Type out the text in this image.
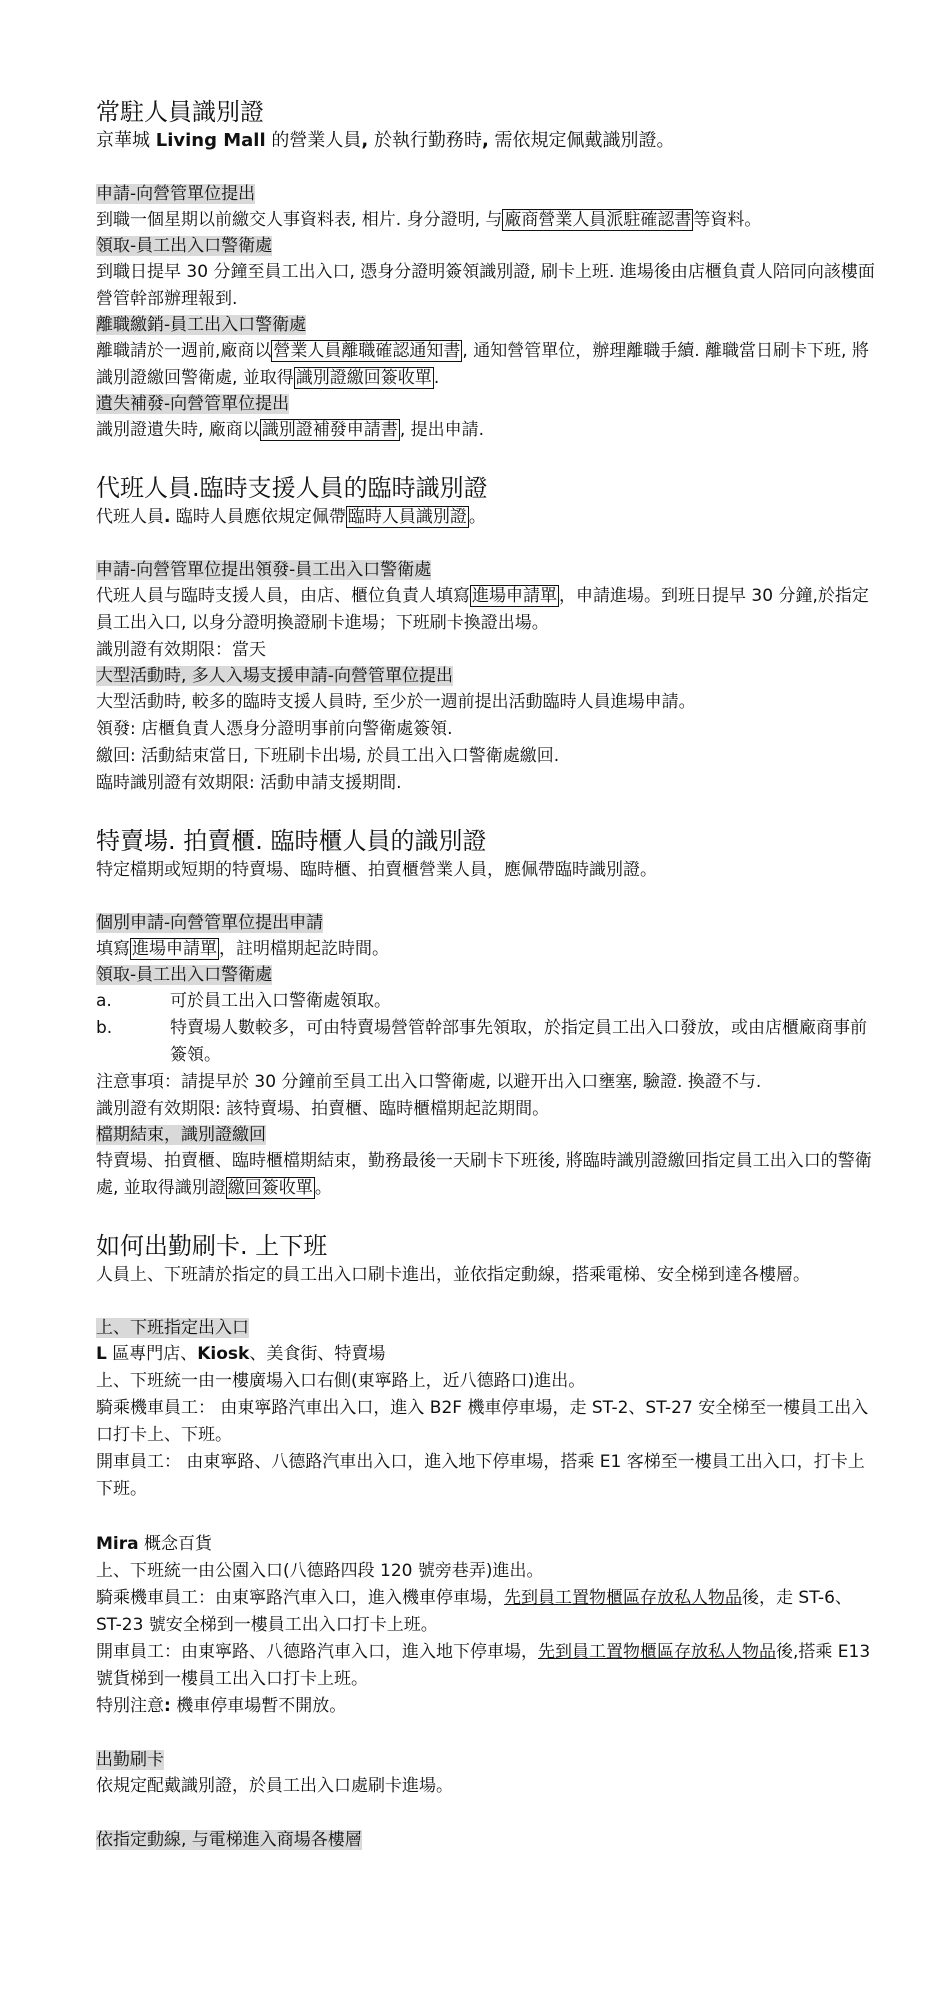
常駐人員識別證

京華城 Living Mall 的營業人員, 於執行勤務時, 需依規定佩戴識別證。

申請-向營管單位提出

到職一個星期以前繳交人事資料表, 相片. 身分證明, 与 廠商營業人員派駐確認書 等資料。

領取-員工出入口警衛處

到職日提早 30 分鐘至員工出入口, 憑身分證明簽領識別證, 刷卡上班. 進場後由店櫃負責人陪同向該樓面營管幹部辦理報到.

離職繳銷-員工出入口警衛處

離職請於一週前,廠商以 營業人員離職確認通知書 , 通知營管單位，辦理離職手續. 離職當日刷卡下班, 將識別證繳回警衛處, 並取得 識別證繳回簽收單 .

遺失補發-向營管單位提出

識別證遺失時, 廠商以 識別證補發申請書 , 提出申請.

代班人員.臨時支援人員的臨時識別證

代班人員. 臨時人員應依規定佩帶 臨時人員識別證 。

申請-向營管單位提出領發-員工出入口警衛處

代班人員与臨時支援人員，由店、櫃位負責人填寫 進場申請單 ，申請進場。到班日提早 30 分鐘,於指定員工出入口, 以身分證明換證刷卡進場；下班刷卡換證出場。

識別證有效期限：當天

大型活動時, 多人入場支援申請-向營管單位提出

大型活動時, 較多的臨時支援人員時, 至少於一週前提出活動臨時人員進場申請。

領發: 店櫃負責人憑身分證明事前向警衛處簽領.

繳回: 活動結束當日, 下班刷卡出場, 於員工出入口警衛處繳回.

臨時識別證有效期限: 活動申請支援期間.

特賣場. 拍賣櫃. 臨時櫃人員的識別證

特定檔期或短期的特賣場、臨時櫃、拍賣櫃營業人員，應佩帶臨時識別證。

個別申請-向營管單位提出申請

填寫 進場申請單 ，註明檔期起訖時間。

領取-員工出入口警衛處

a.	可於員工出入口警衛處領取。
b.	特賣場人數較多，可由特賣場營管幹部事先領取，於指定員工出入口發放，或由店櫃廠商事前簽領。

注意事項：請提早於 30 分鐘前至員工出入口警衛處, 以避开出入口壅塞, 驗證. 換證不与.

識別證有效期限: 該特賣場、拍賣櫃、臨時櫃檔期起訖期間。

檔期結束，識別證繳回

特賣場、拍賣櫃、臨時櫃檔期結束，勤務最後一天刷卡下班後, 將臨時識別證繳回指定員工出入口的警衛處, 並取得識別證 繳回簽收單 。

如何出勤刷卡. 上下班

人員上、下班請於指定的員工出入口刷卡進出，並依指定動線，搭乘電梯、安全梯到達各樓層。

上、下班指定出入口

L 區專門店、Kiosk、美食街、特賣場

上、下班統一由一樓廣場入口右側(東寧路上，近八德路口)進出。

騎乘機車員工： 由東寧路汽車出入口，進入 B2F 機車停車場，走 ST-2、ST-27 安全梯至一樓員工出入口打卡上、下班。

開車員工： 由東寧路、八德路汽車出入口，進入地下停車場，搭乘 E1 客梯至一樓員工出入口，打卡上下班。

Mira 概念百貨

上、下班統一由公園入口(八德路四段 120 號旁巷弄)進出。

騎乘機車員工：由東寧路汽車入口，進入機車停車場，先到員工置物櫃區存放私人物品後，走 ST-6、ST-23 號安全梯到一樓員工出入口打卡上班。

開車員工：由東寧路、八德路汽車入口，進入地下停車場，先到員工置物櫃區存放私人物品後,搭乘 E13 號貨梯到一樓員工出入口打卡上班。

特別注意: 機車停車場暫不開放。

出勤刷卡

依規定配戴識別證，於員工出入口處刷卡進場。

依指定動線, 与電梯進入商場各樓層
